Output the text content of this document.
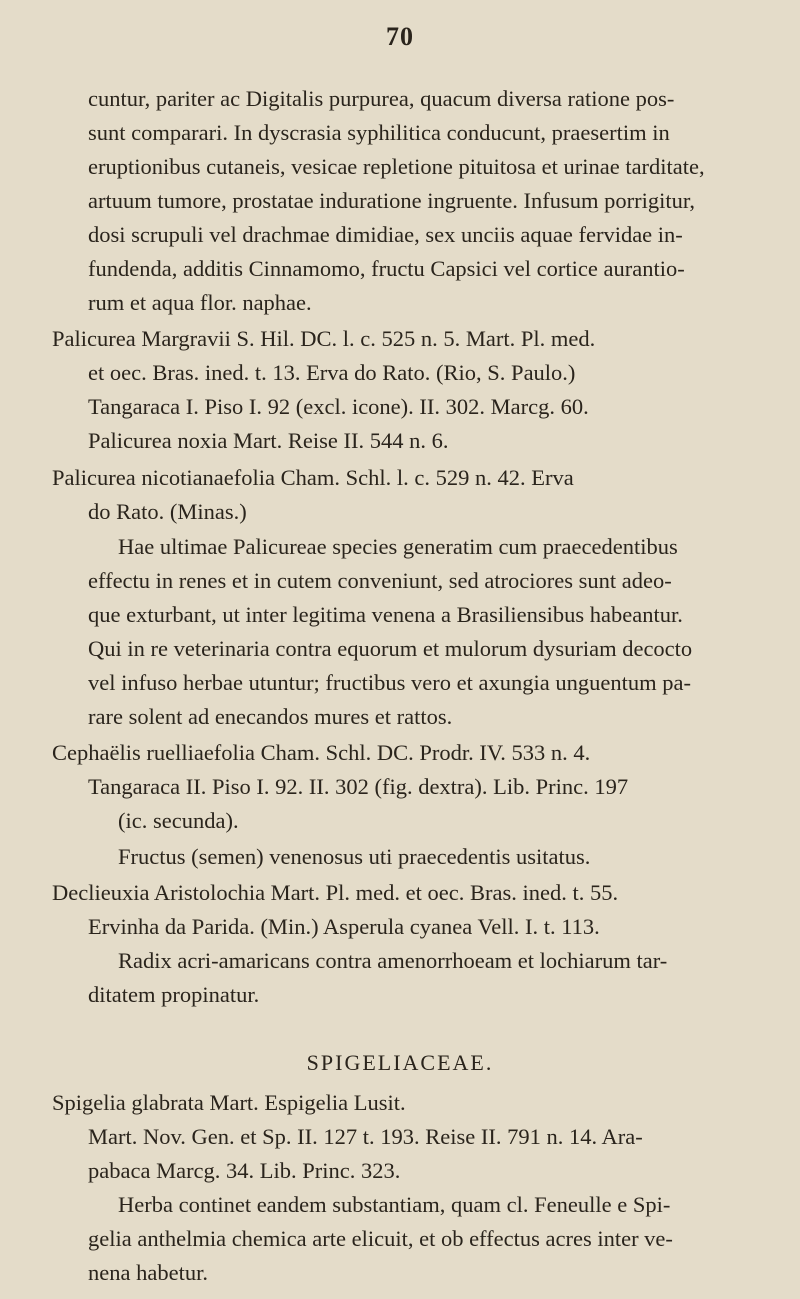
70
cuntur, pariter ac Digitalis purpurea, quacum diversa ratione pos-
sunt comparari. In dyscrasia syphilitica conducunt, praesertim in
eruptionibus cutaneis, vesicae repletione pituitosa et urinae tarditate,
artuum tumore, prostatae induratione ingruente. Infusum porrigitur,
dosi scrupuli vel drachmae dimidiae, sex unciis aquae fervidae in-
fundenda, additis Cinnamomo, fructu Capsici vel cortice aurantio-
rum et aqua flor. naphae.
Palicurea Margravii S. Hil. DC. l. c. 525 n. 5. Mart. Pl. med.
et oec. Bras. ined. t. 13. Erva do Rato. (Rio, S. Paulo.)
Tangaraca I. Piso I. 92 (excl. icone). II. 302. Marcg. 60.
Palicurea noxia Mart. Reise II. 544 n. 6.
Palicurea nicotianaefolia Cham. Schl. l. c. 529 n. 42. Erva
do Rato. (Minas.)
Hae ultimae Palicureae species generatim cum praecedentibus
effectu in renes et in cutem conveniunt, sed atrociores sunt adeo-
que exturbant, ut inter legitima venena a Brasiliensibus habeantur.
Qui in re veterinaria contra equorum et mulorum dysuriam decocto
vel infuso herbae utuntur; fructibus vero et axungia unguentum pa-
rare solent ad enecandos mures et rattos.
Cephaëlis ruelliaefolia Cham. Schl. DC. Prodr. IV. 533 n. 4.
Tangaraca II. Piso I. 92. II. 302 (fig. dextra). Lib. Princ. 197
(ic. secunda).
Fructus (semen) venenosus uti praecedentis usitatus.
Declieuxia Aristolochia Mart. Pl. med. et oec. Bras. ined. t. 55.
Ervinha da Parida. (Min.) Asperula cyanea Vell. I. t. 113.
Radix acri-amaricans contra amenorrhoeam et lochiarum tar-
ditatem propinatur.
SPIGELIACEAE.
Spigelia glabrata Mart. Espigelia Lusit.
Mart. Nov. Gen. et Sp. II. 127 t. 193. Reise II. 791 n. 14. Ara-
pabaca Marcg. 34. Lib. Princ. 323.
Herba continet eandem substantiam, quam cl. Feneulle e Spi-
gelia anthelmia chemica arte elicuit, et ob effectus acres inter ve-
nena habetur.
